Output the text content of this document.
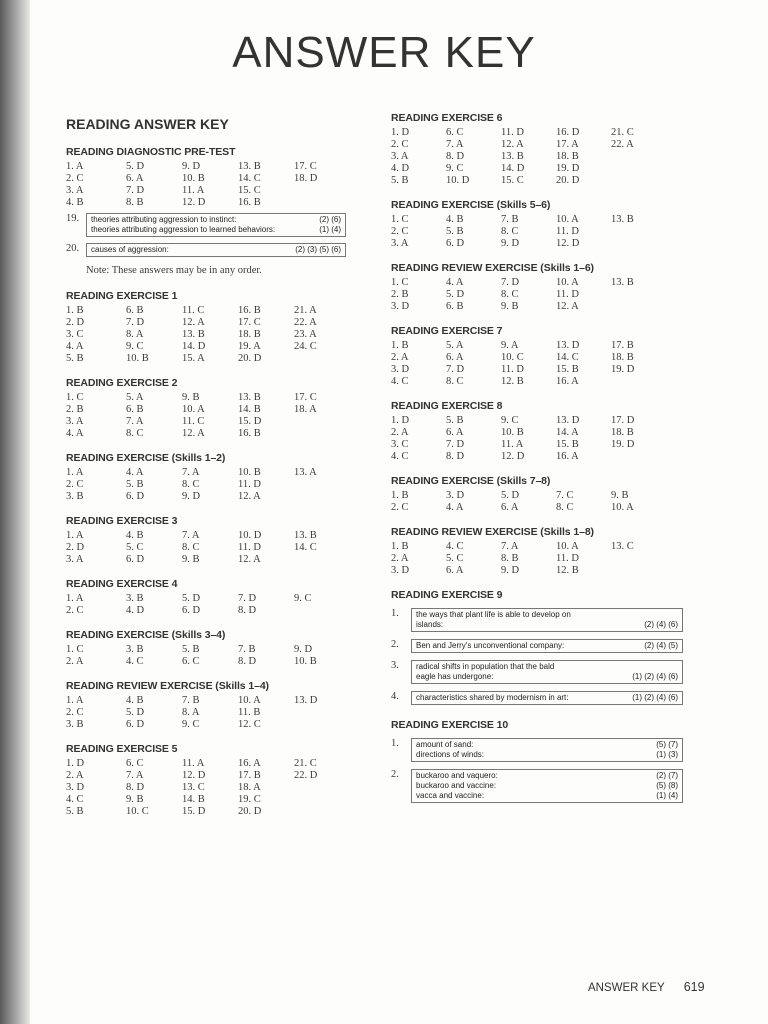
ANSWER KEY
READING ANSWER KEY
READING DIAGNOSTIC PRE-TEST
1. A	5. D	9. D	13. B	17. C
2. C	6. A	10. B	14. C	18. D
3. A	7. D	11. A	15. C
4. B	8. B	12. D	16. B
19.	theories attributing aggression to instinct:	(2) (6)
theories attributing aggression to learned behaviors:	(1) (4)
20.	causes of aggression:	(2) (3) (5) (6)
Note: These answers may be in any order.
READING EXERCISE 1
1. B	6. B	11. C	16. B	21. A
2. D	7. D	12. A	17. C	22. A
3. C	8. A	13. B	18. B	23. A
4. A	9. C	14. D	19. A	24. C
5. B	10. B	15. A	20. D
READING EXERCISE 2
1. C	5. A	9. B	13. B	17. C
2. B	6. B	10. A	14. B	18. A
3. A	7. A	11. C	15. D
4. A	8. C	12. A	16. B
READING EXERCISE (Skills 1–2)
1. A	4. A	7. A	10. B	13. A
2. C	5. B	8. C	11. D
3. B	6. D	9. D	12. A
READING EXERCISE 3
1. A	4. B	7. A	10. D	13. B
2. D	5. C	8. C	11. D	14. C
3. A	6. D	9. B	12. A
READING EXERCISE 4
1. A	3. B	5. D	7. D	9. C
2. C	4. D	6. D	8. D
READING EXERCISE (Skills 3–4)
1. C	3. B	5. B	7. B	9. D
2. A	4. C	6. C	8. D	10. B
READING REVIEW EXERCISE (Skills 1–4)
1. A	4. B	7. B	10. A	13. D
2. C	5. D	8. A	11. B
3. B	6. D	9. C	12. C
READING EXERCISE 5
1. D	6. C	11. A	16. A	21. C
2. A	7. A	12. D	17. B	22. D
3. D	8. D	13. C	18. A
4. C	9. B	14. B	19. C
5. B	10. C	15. D	20. D
READING EXERCISE 6
1. D	6. C	11. D	16. D	21. C
2. C	7. A	12. A	17. A	22. A
3. A	8. D	13. B	18. B
4. D	9. C	14. D	19. D
5. B	10. D	15. C	20. D
READING EXERCISE (Skills 5–6)
1. C	4. B	7. B	10. A	13. B
2. C	5. B	8. C	11. D
3. A	6. D	9. D	12. D
READING REVIEW EXERCISE (Skills 1–6)
1. C	4. A	7. D	10. A	13. B
2. B	5. D	8. C	11. D
3. D	6. B	9. B	12. A
READING EXERCISE 7
1. B	5. A	9. A	13. D	17. B
2. A	6. A	10. C	14. C	18. B
3. D	7. D	11. D	15. B	19. D
4. C	8. C	12. B	16. A
READING EXERCISE 8
1. D	5. B	9. C	13. D	17. D
2. A	6. A	10. B	14. A	18. B
3. C	7. D	11. A	15. B	19. D
4. C	8. D	12. D	16. A
READING EXERCISE (Skills 7–8)
1. B	3. D	5. D	7. C	9. B
2. C	4. A	6. A	8. C	10. A
READING REVIEW EXERCISE (Skills 1–8)
1. B	4. C	7. A	10. A	13. C
2. A	5. C	8. B	11. D
3. D	6. A	9. D	12. B
READING EXERCISE 9
1.	the ways that plant life is able to develop on
islands:	(2) (4) (6)
2.	Ben and Jerry's unconventional company:	(2) (4) (5)
3.	radical shifts in population that the bald
eagle has undergone:	(1) (2) (4) (6)
4.	characteristics shared by modernism in art:	(1) (2) (4) (6)
READING EXERCISE 10
1.	amount of sand:	(5) (7)
directions of winds:	(1) (3)
2.	buckaroo and vaquero:	(2) (7)
buckaroo and vaccine:	(5) (8)
vacca and vaccine:	(1) (4)
ANSWER KEY 619
